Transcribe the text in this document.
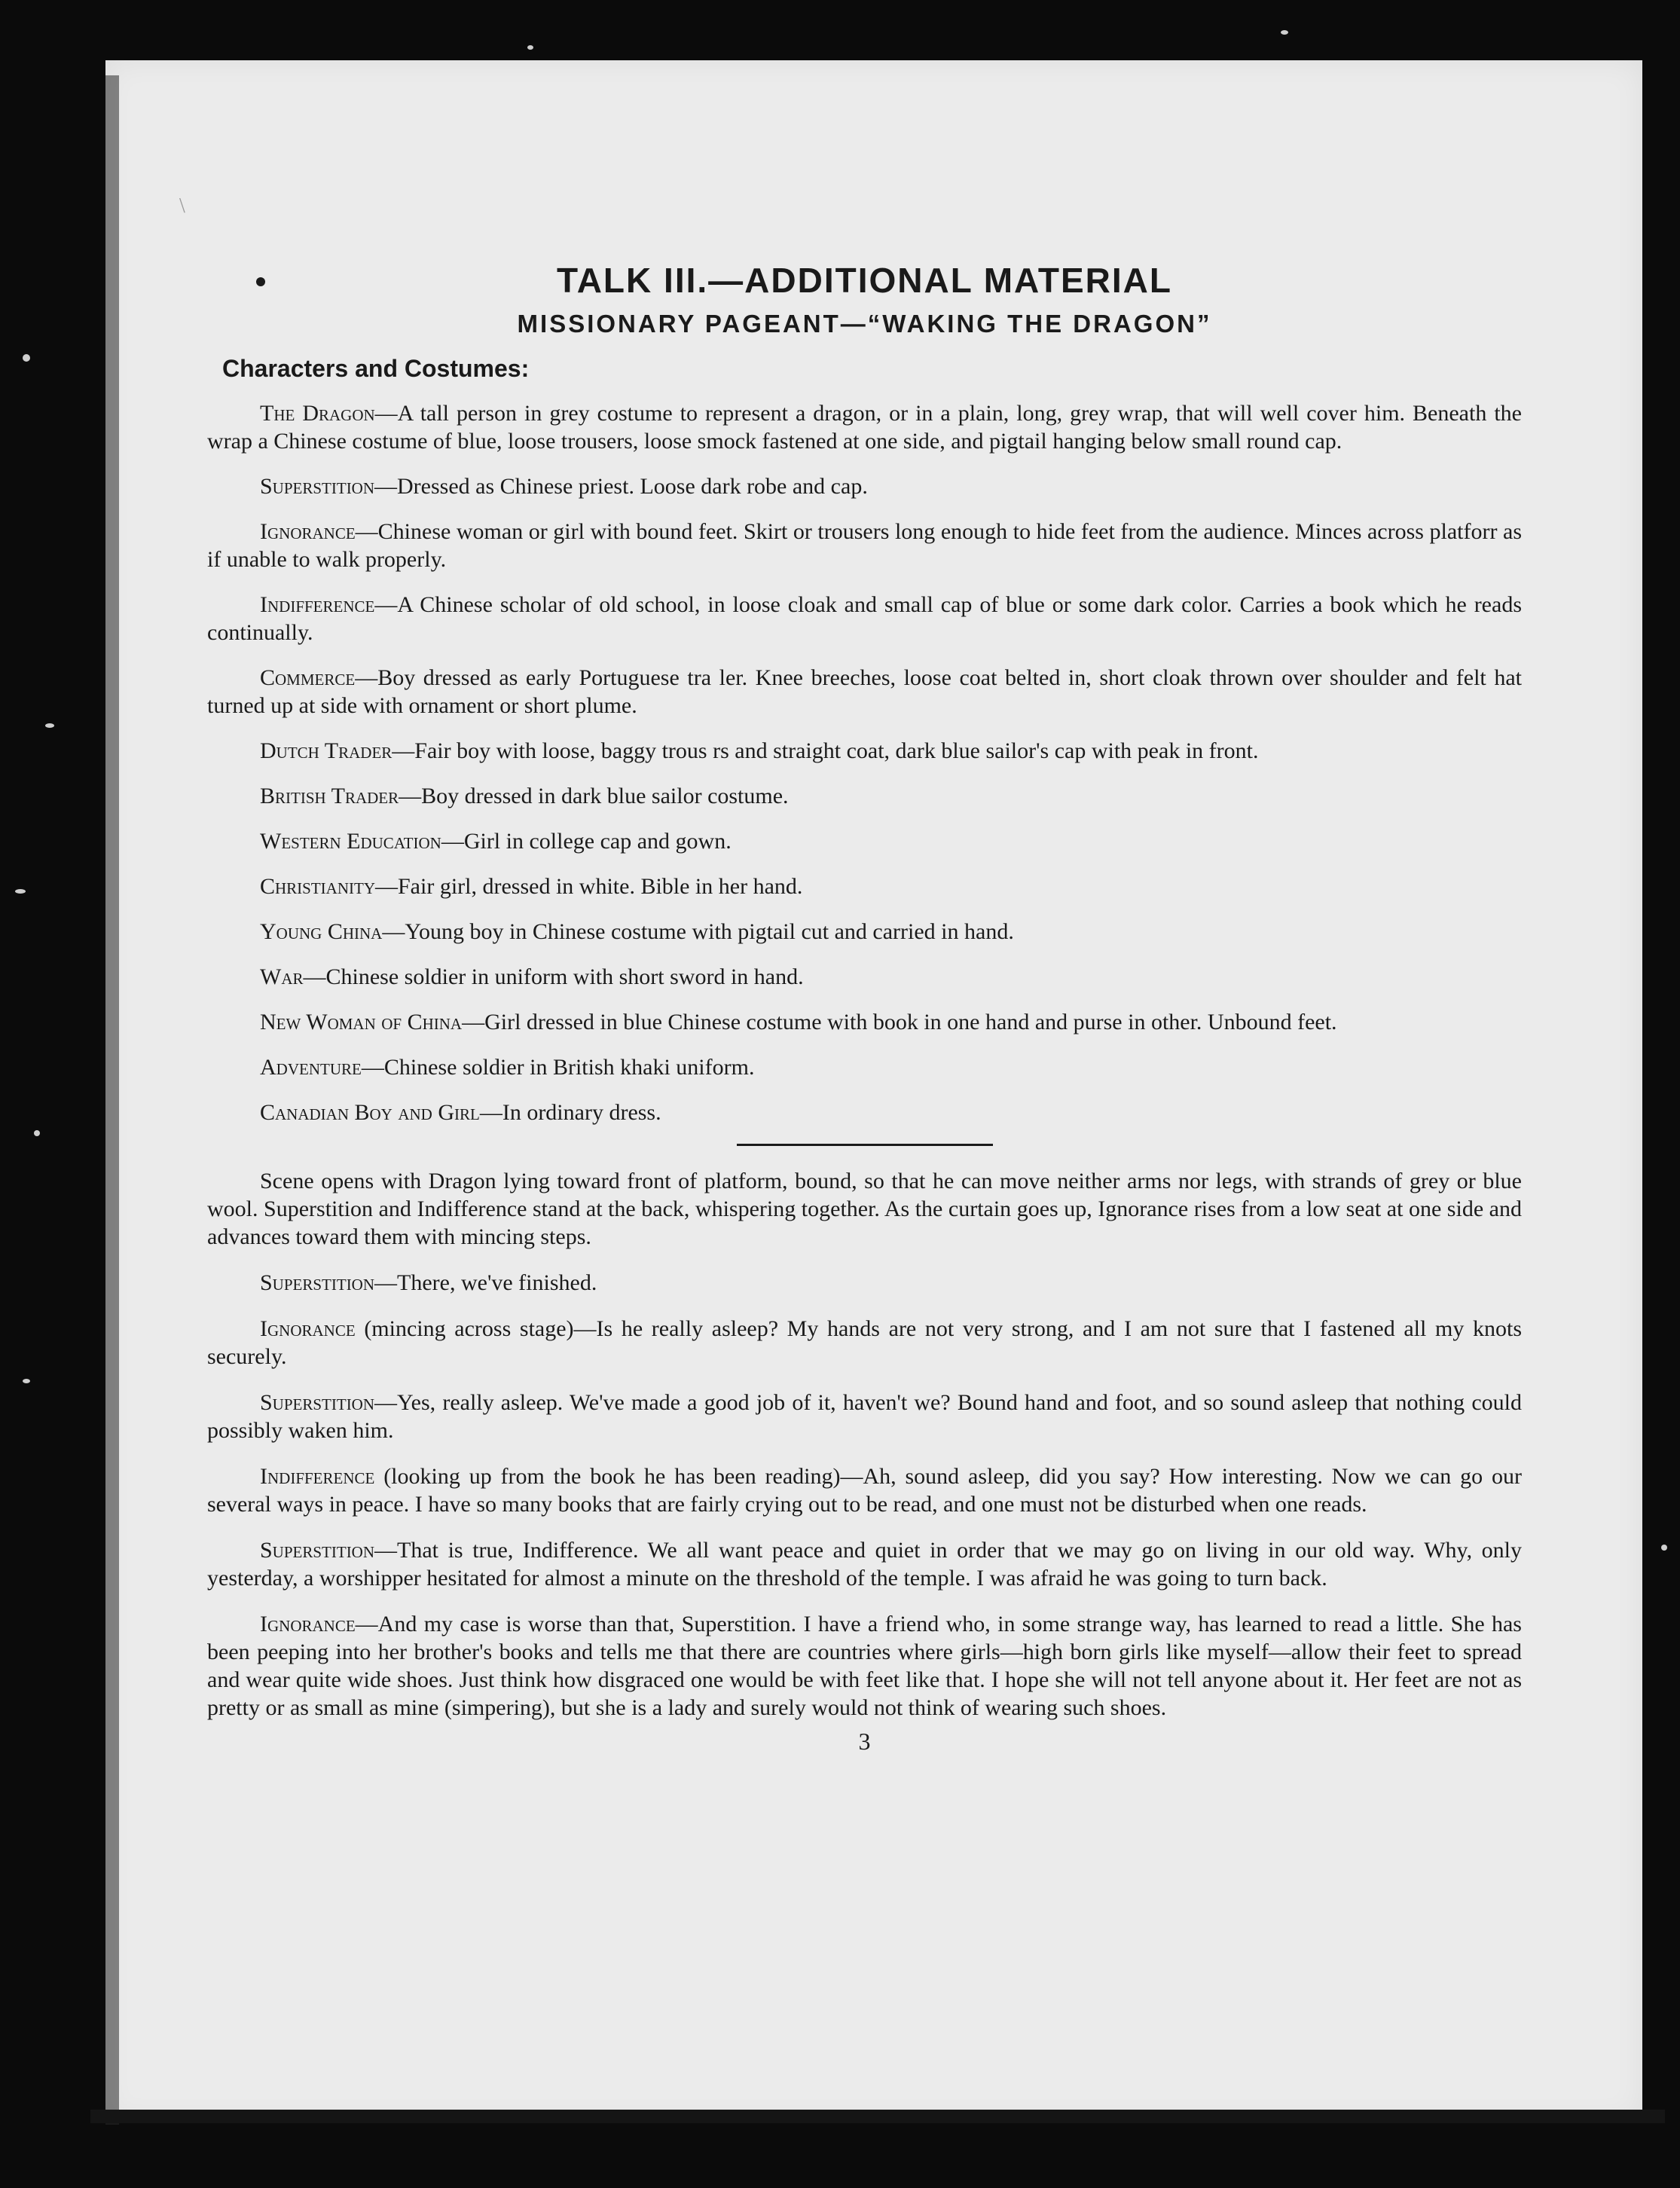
\
TALK III.—ADDITIONAL MATERIAL
MISSIONARY PAGEANT—“WAKING THE DRAGON”
Characters and Costumes:

The Dragon—A tall person in grey costume to represent a dragon, or in a plain, long, grey wrap, that will well cover him. Beneath the wrap a Chinese costume of blue, loose trousers, loose smock fastened at one side, and pigtail hanging below small round cap.

Superstition—Dressed as Chinese priest. Loose dark robe and cap.

Ignorance—Chinese woman or girl with bound feet. Skirt or trousers long enough to hide feet from the audience. Minces across platforr as if unable to walk properly.

Indifference—A Chinese scholar of old school, in loose cloak and small cap of blue or some dark color. Carries a book which he reads continually.

Commerce—Boy dressed as early Portuguese tra ler. Knee breeches, loose coat belted in, short cloak thrown over shoulder and felt hat turned up at side with ornament or short plume.

Dutch Trader—Fair boy with loose, baggy trous rs and straight coat, dark blue sailor's cap with peak in front.

British Trader—Boy dressed in dark blue sailor costume.

Western Education—Girl in college cap and gown.

Christianity—Fair girl, dressed in white. Bible in her hand.

Young China—Young boy in Chinese costume with pigtail cut and carried in hand.

War—Chinese soldier in uniform with short sword in hand.

New Woman of China—Girl dressed in blue Chinese costume with book in one hand and purse in other. Unbound feet.

Adventure—Chinese soldier in British khaki uniform.

Canadian Boy and Girl—In ordinary dress.

Scene opens with Dragon lying toward front of platform, bound, so that he can move neither arms nor legs, with strands of grey or blue wool. Superstition and Indifference stand at the back, whispering together. As the curtain goes up, Ignorance rises from a low seat at one side and advances toward them with mincing steps.

Superstition—There, we've finished.

Ignorance (mincing across stage)—Is he really asleep? My hands are not very strong, and I am not sure that I fastened all my knots securely.

Superstition—Yes, really asleep. We've made a good job of it, haven't we? Bound hand and foot, and so sound asleep that nothing could possibly waken him.

Indifference (looking up from the book he has been reading)—Ah, sound asleep, did you say? How interesting. Now we can go our several ways in peace. I have so many books that are fairly crying out to be read, and one must not be disturbed when one reads.

Superstition—That is true, Indifference. We all want peace and quiet in order that we may go on living in our old way. Why, only yesterday, a worshipper hesitated for almost a minute on the threshold of the temple. I was afraid he was going to turn back.

Ignorance—And my case is worse than that, Superstition. I have a friend who, in some strange way, has learned to read a little. She has been peeping into her brother's books and tells me that there are countries where girls—high born girls like myself—allow their feet to spread and wear quite wide shoes. Just think how disgraced one would be with feet like that. I hope she will not tell anyone about it. Her feet are not as pretty or as small as mine (simpering), but she is a lady and surely would not think of wearing such shoes.

3
